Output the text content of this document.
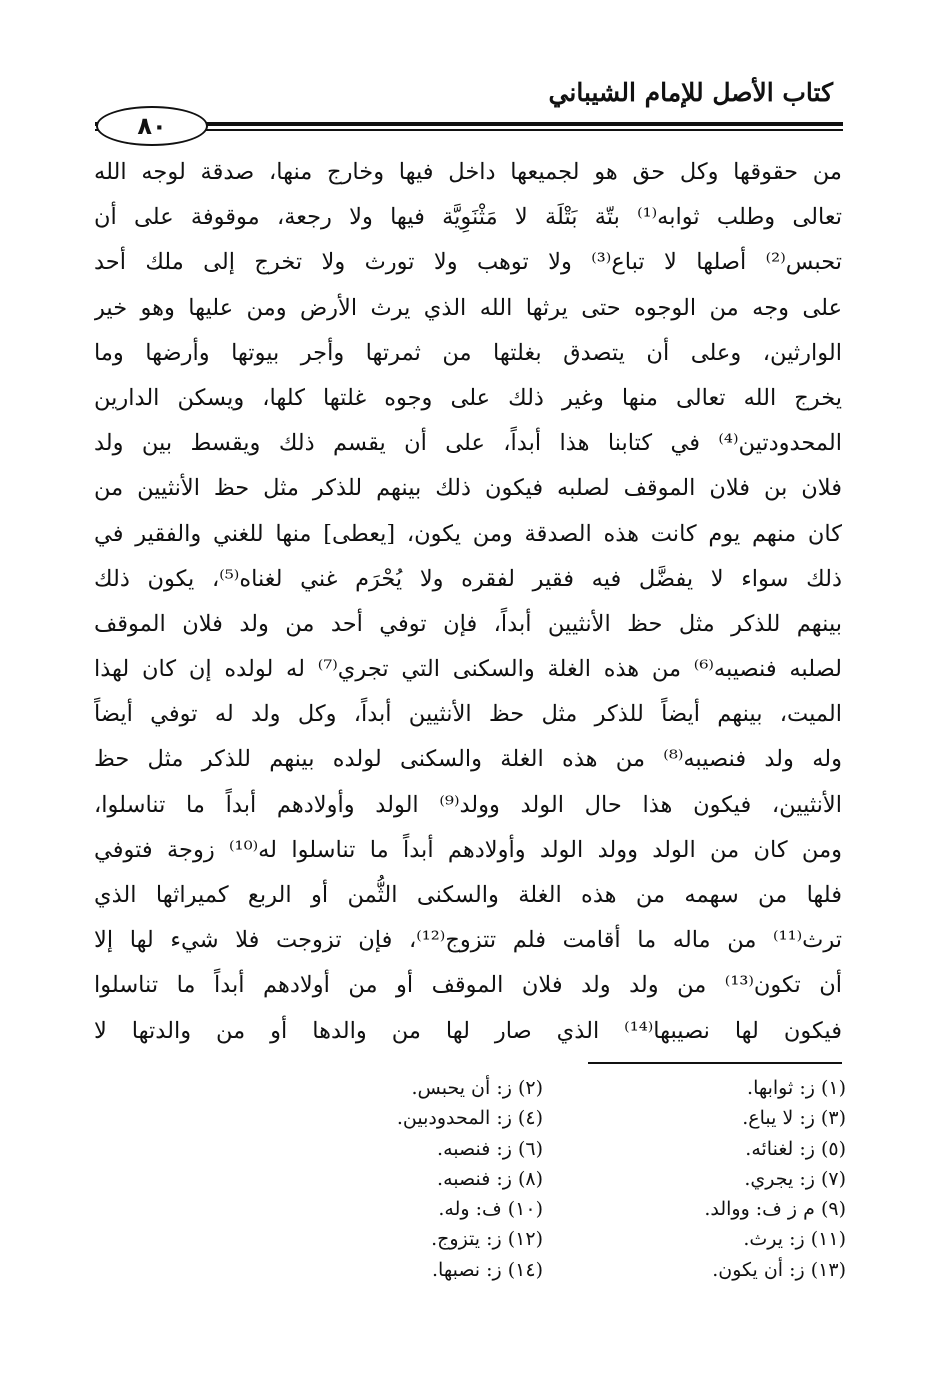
كتاب الأصل للإمام الشيباني
٨٠
من حقوقها وكل حق هو لجميعها داخل فيها وخارج منها، صدقة لوجه الله
تعالى وطلب ثوابه⁽¹⁾ بتّة بَتْلَة لا مَثْنَوِيَّة فيها ولا رجعة، موقوفة على أن
تحبس⁽²⁾ أصلها لا تباع⁽³⁾ ولا توهب ولا تورث ولا تخرج إلى ملك أحد
على وجه من الوجوه حتى يرثها الله الذي يرث الأرض ومن عليها وهو خير
الوارثين، وعلى أن يتصدق بغلتها من ثمرتها وأجر بيوتها وأرضها وما
يخرج الله تعالى منها وغير ذلك على وجوه غلتها كلها، ويسكن الدارين
المحدودتين⁽⁴⁾ في كتابنا هذا أبداً، على أن يقسم ذلك ويقسط بين ولد
فلان بن فلان الموقف لصلبه فيكون ذلك بينهم للذكر مثل حظ الأنثيين من
كان منهم يوم كانت هذه الصدقة ومن يكون، [يعطى] منها للغني والفقير في
ذلك سواء لا يفضَّل فيه فقير لفقره ولا يُحْرَم غني لغناه⁽⁵⁾، يكون ذلك
بينهم للذكر مثل حظ الأنثيين أبداً، فإن توفي أحد من ولد فلان الموقف
لصلبه فنصيبه⁽⁶⁾ من هذه الغلة والسكنى التي تجري⁽⁷⁾ له لولده إن كان لهذا
الميت، بينهم أيضاً للذكر مثل حظ الأنثيين أبداً، وكل ولد له توفي أيضاً
وله ولد فنصيبه⁽⁸⁾ من هذه الغلة والسكنى لولده بينهم للذكر مثل حظ
الأنثيين، فيكون هذا حال الولد وولد⁽⁹⁾ الولد وأولادهم أبداً ما تناسلوا،
ومن كان من الولد وولد الولد وأولادهم أبداً ما تناسلوا له⁽¹⁰⁾ زوجة فتوفي
فلها من سهمه من هذه الغلة والسكنى الثُّمن أو الربع كميراثها الذي
ترث⁽¹¹⁾ من ماله ما أقامت فلم تتزوج⁽¹²⁾، فإن تزوجت فلا شيء لها إلا
أن تكون⁽¹³⁾ من ولد ولد فلان الموقف أو من أولادهم أبداً ما تناسلوا
فيكون لها نصيبها⁽¹⁴⁾ الذي صار لها من والدها أو من والدتها لا
(١) ز: ثوابها.
(٢) ز: أن يحبس.
(٣) ز: لا يباع.
(٤) ز: المحدودبين.
(٥) ز: لغنائه.
(٦) ز: فنصبه.
(٧) ز: يجري.
(٨) ز: فنصبه.
(٩) م ز ف: ووالد.
(١٠) ف: وله.
(١١) ز: يرث.
(١٢) ز: يتزوج.
(١٣) ز: أن يكون.
(١٤) ز: نصبها.
